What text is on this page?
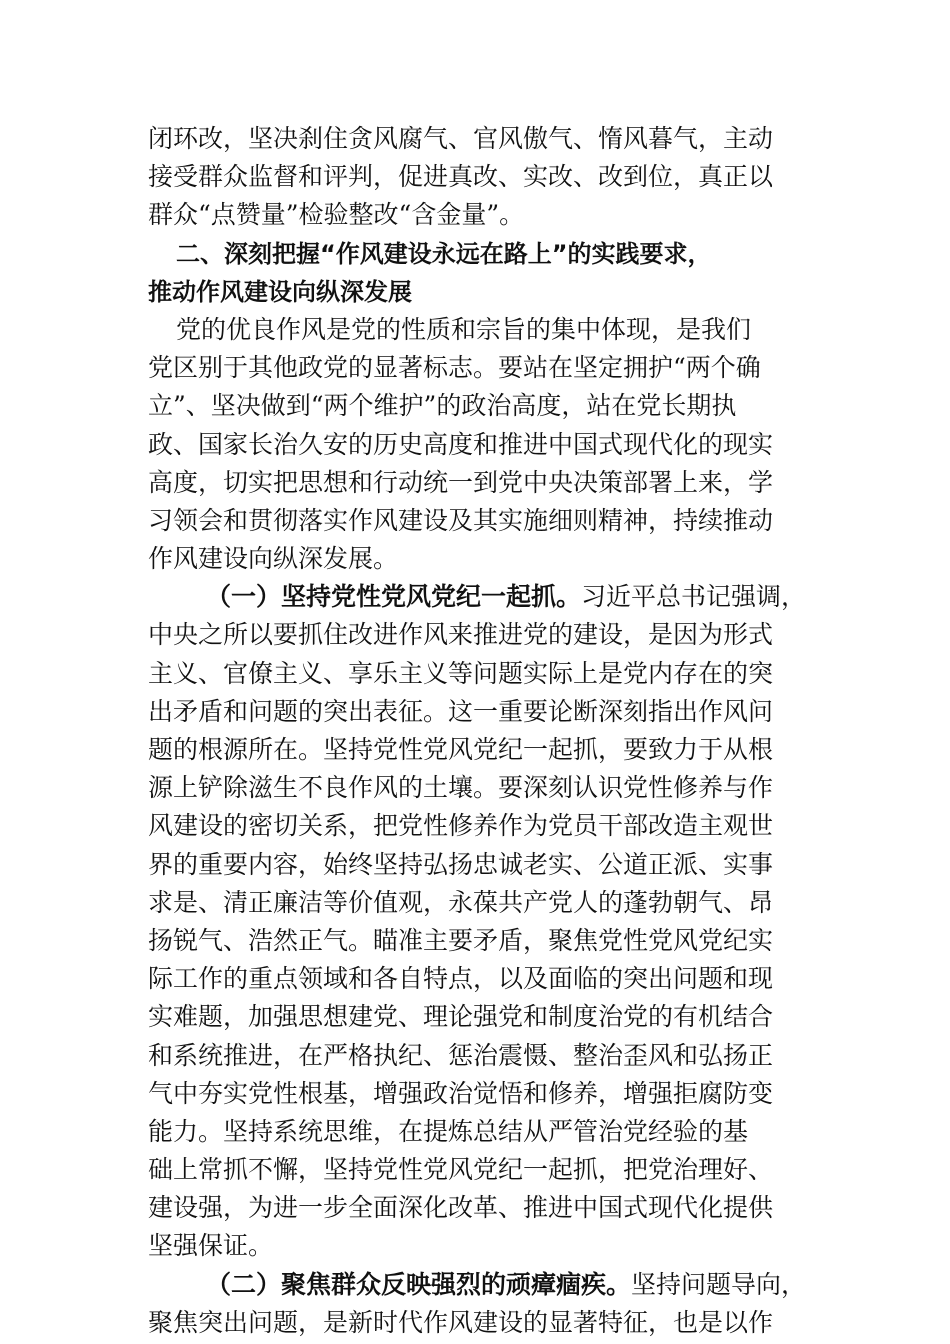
闭环改，坚决刹住贪风腐气、官风傲气、惰风暮气，主动
接受群众监督和评判，促进真改、实改、改到位，真正以
群众“点赞量”检验整改“含金量”。
二、深刻把握“作风建设永远在路上”的实践要求，
推动作风建设向纵深发展
党的优良作风是党的性质和宗旨的集中体现，是我们
党区别于其他政党的显著标志。要站在坚定拥护“两个确
立”、坚决做到“两个维护”的政治高度，站在党长期执
政、国家长治久安的历史高度和推进中国式现代化的现实
高度，切实把思想和行动统一到党中央决策部署上来，学
习领会和贯彻落实作风建设及其实施细则精神，持续推动
作风建设向纵深发展。
（一）坚持党性党风党纪一起抓。习近平总书记强调，
中央之所以要抓住改进作风来推进党的建设，是因为形式
主义、官僚主义、享乐主义等问题实际上是党内存在的突
出矛盾和问题的突出表征。这一重要论断深刻指出作风问
题的根源所在。坚持党性党风党纪一起抓，要致力于从根
源上铲除滋生不良作风的土壤。要深刻认识党性修养与作
风建设的密切关系，把党性修养作为党员干部改造主观世
界的重要内容，始终坚持弘扬忠诚老实、公道正派、实事
求是、清正廉洁等价值观，永葆共产党人的蓬勃朝气、昂
扬锐气、浩然正气。瞄准主要矛盾，聚焦党性党风党纪实
际工作的重点领域和各自特点，以及面临的突出问题和现
实难题，加强思想建党、理论强党和制度治党的有机结合
和系统推进，在严格执纪、惩治震慑、整治歪风和弘扬正
气中夯实党性根基，增强政治觉悟和修养，增强拒腐防变
能力。坚持系统思维，在提炼总结从严管治党经验的基
础上常抓不懈，坚持党性党风党纪一起抓，把党治理好、
建设强，为进一步全面深化改革、推进中国式现代化提供
坚强保证。
（二）聚焦群众反映强烈的顽瘴痼疾。坚持问题导向，
聚焦突出问题，是新时代作风建设的显著特征，也是以作
